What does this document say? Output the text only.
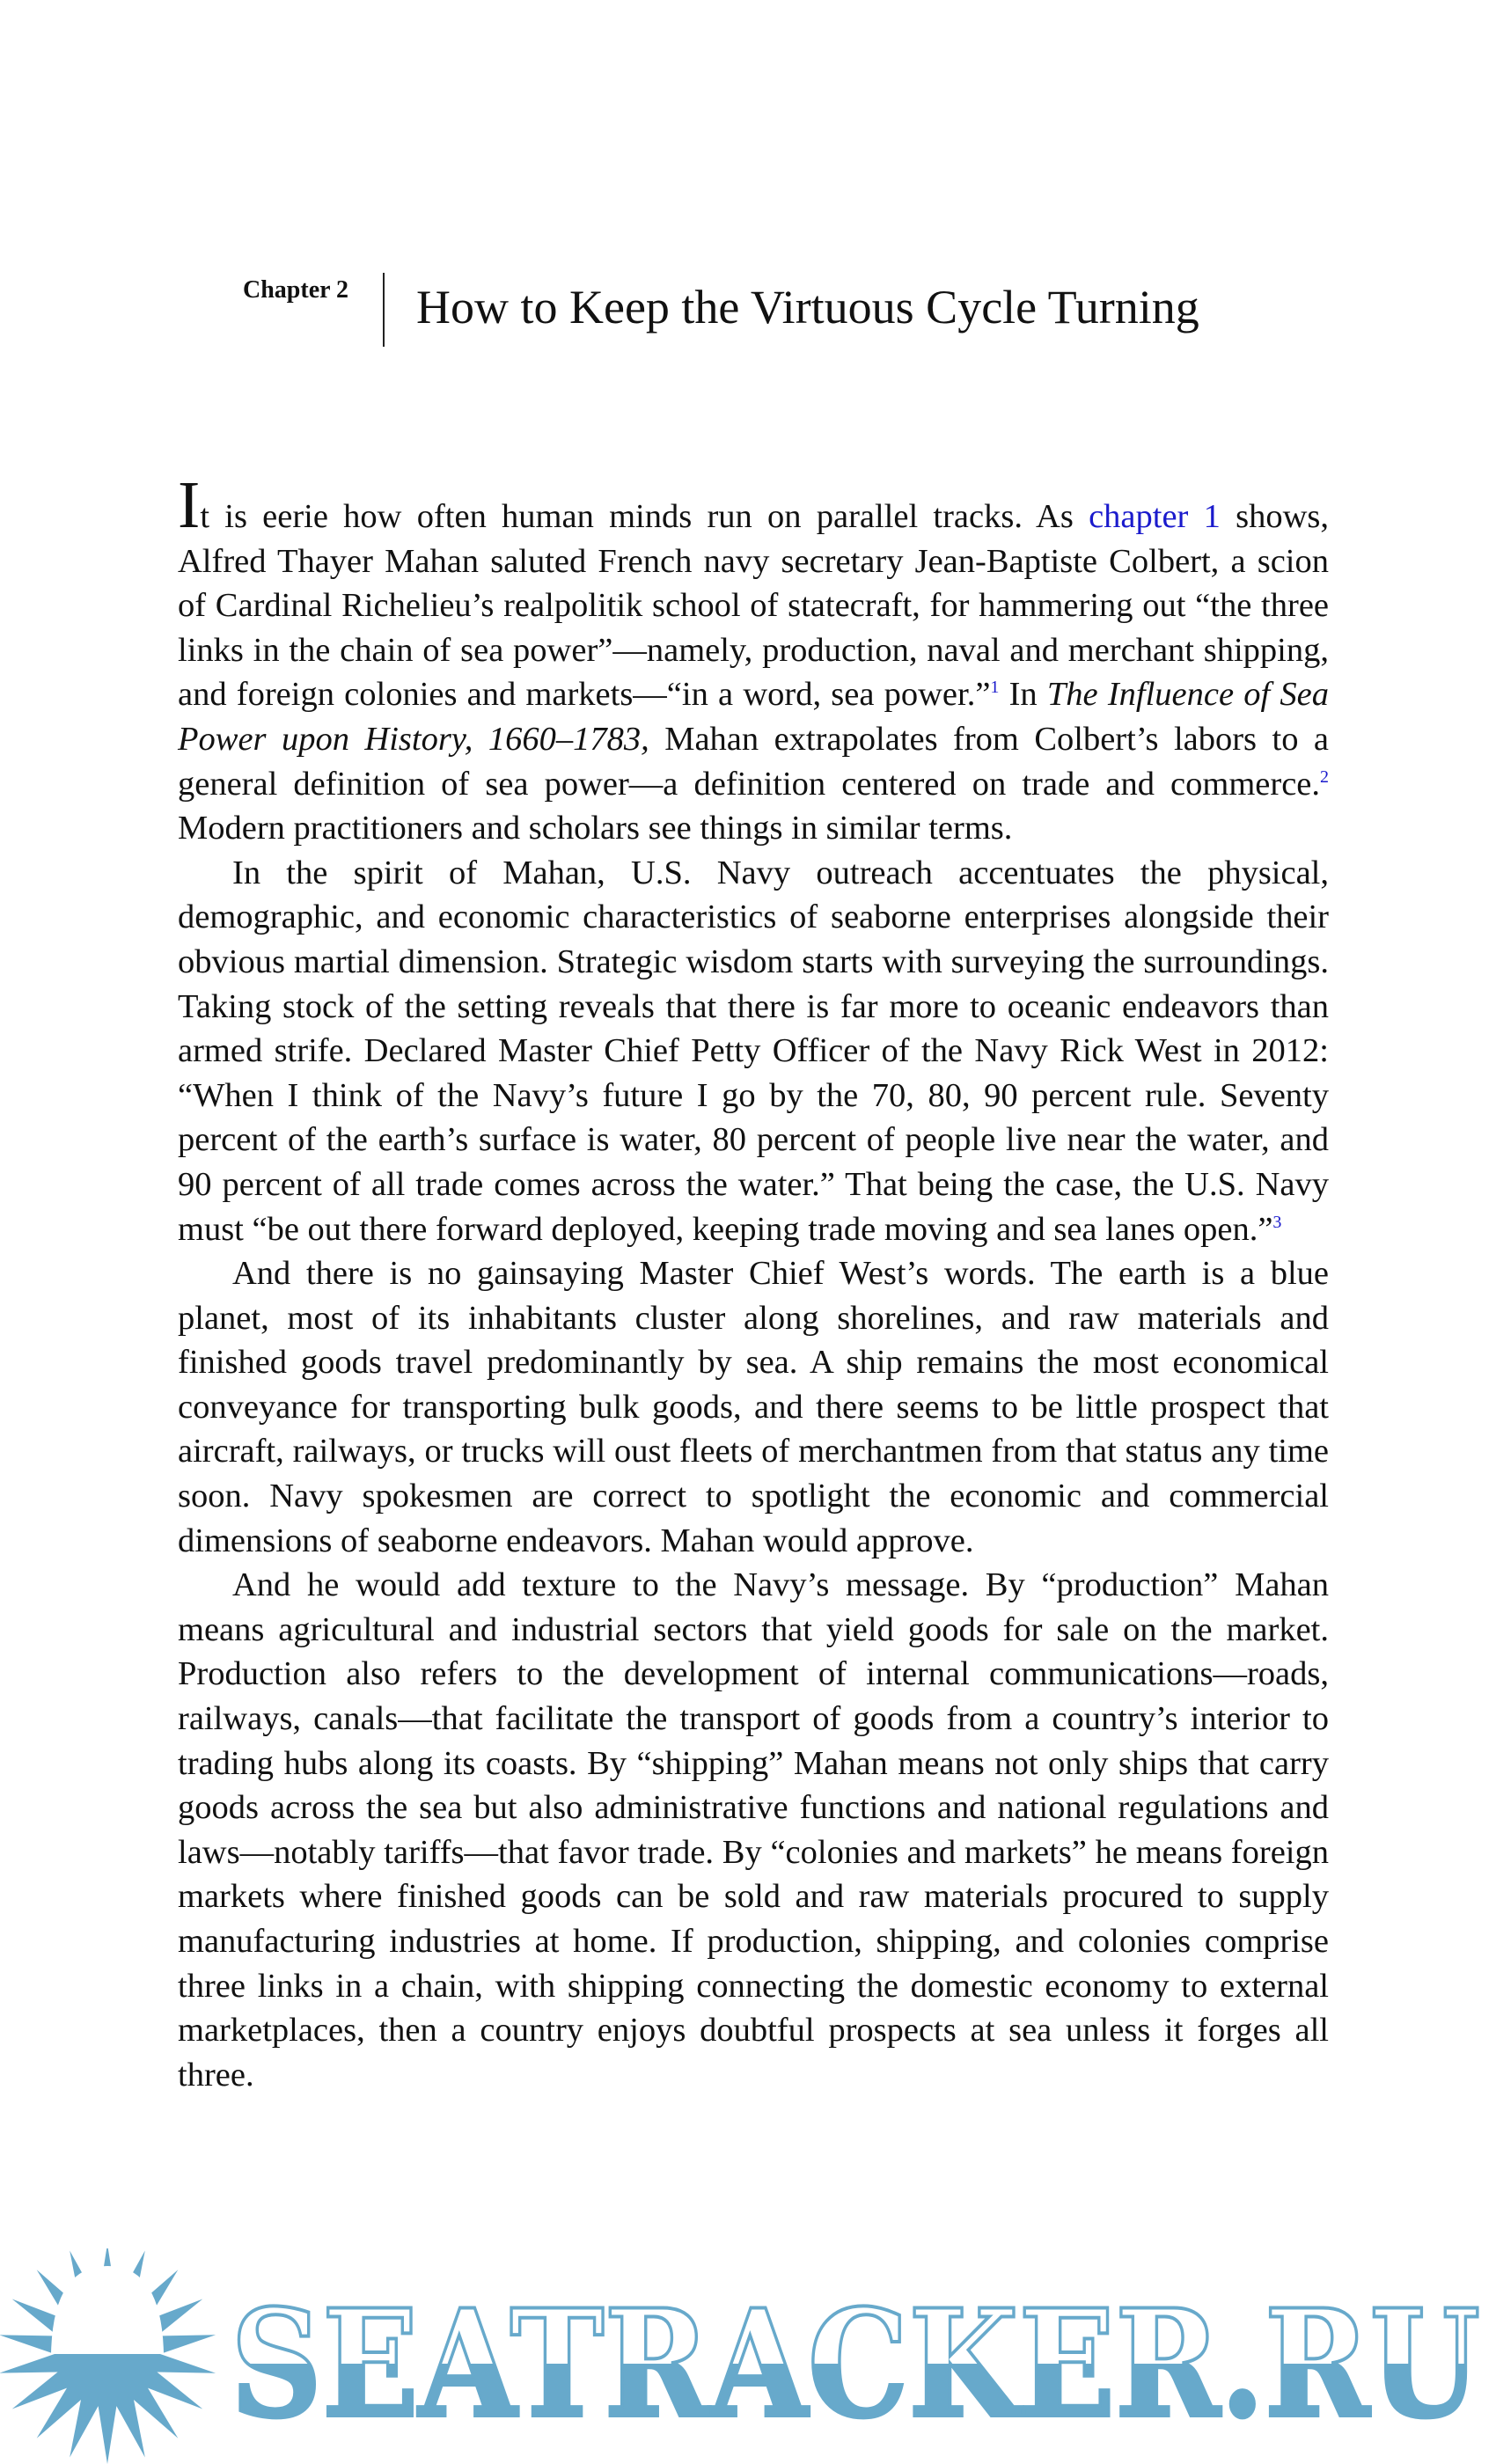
Chapter 2 How to Keep the Virtuous Cycle Turning

It is eerie how often human minds run on parallel tracks. As chapter 1 shows, Alfred Thayer Mahan saluted French navy secretary Jean-Baptiste Colbert, a scion of Cardinal Richelieu’s realpolitik school of statecraft, for hammering out “the three links in the chain of sea power”—namely, production, naval and merchant shipping, and foreign colonies and markets—“in a word, sea power.”$^1$ In The Influence of Sea Power upon History, 1660–1783, Mahan extrapolates from Colbert’s labors to a general definition of sea power—a definition centered on trade and commerce.$^2$ Modern practitioners and scholars see things in similar terms.

In the spirit of Mahan, U.S. Navy outreach accentuates the physical, demographic, and economic characteristics of seaborne enterprises alongside their obvious martial dimension. Strategic wisdom starts with surveying the surroundings. Taking stock of the setting reveals that there is far more to oceanic endeavors than armed strife. Declared Master Chief Petty Officer of the Navy Rick West in 2012: “When I think of the Navy’s future I go by the 70, 80, 90 percent rule. Seventy percent of the earth’s surface is water, 80 percent of people live near the water, and 90 percent of all trade comes across the water.” That being the case, the U.S. Navy must “be out there forward deployed, keeping trade moving and sea lanes open.”$^3$

And there is no gainsaying Master Chief West’s words. The earth is a blue planet, most of its inhabitants cluster along shorelines, and raw materials and finished goods travel predominantly by sea. A ship remains the most economical conveyance for transporting bulk goods, and there seems to be little prospect that aircraft, railways, or trucks will oust fleets of merchantmen from that status any time soon. Navy spokesmen are correct to spotlight the economic and commercial dimensions of seaborne endeavors. Mahan would approve.

And he would add texture to the Navy’s message. By “production” Mahan means agricultural and industrial sectors that yield goods for sale on the market. Production also refers to the development of internal communications—roads, railways, canals—that facilitate the transport of goods from a country’s interior to trading hubs along its coasts. By “shipping” Mahan means not only ships that carry goods across the sea but also administrative functions and national regulations and laws—notably tariffs—that favor trade. By “colonies and markets” he means foreign markets where finished goods can be sold and raw materials procured to supply manufacturing industries at home. If production, shipping, and colonies comprise three links in a chain, with shipping connecting the domestic economy to external marketplaces, then a country enjoys doubtful prospects at sea unless it forges all three.

SEATRACKER.RU
